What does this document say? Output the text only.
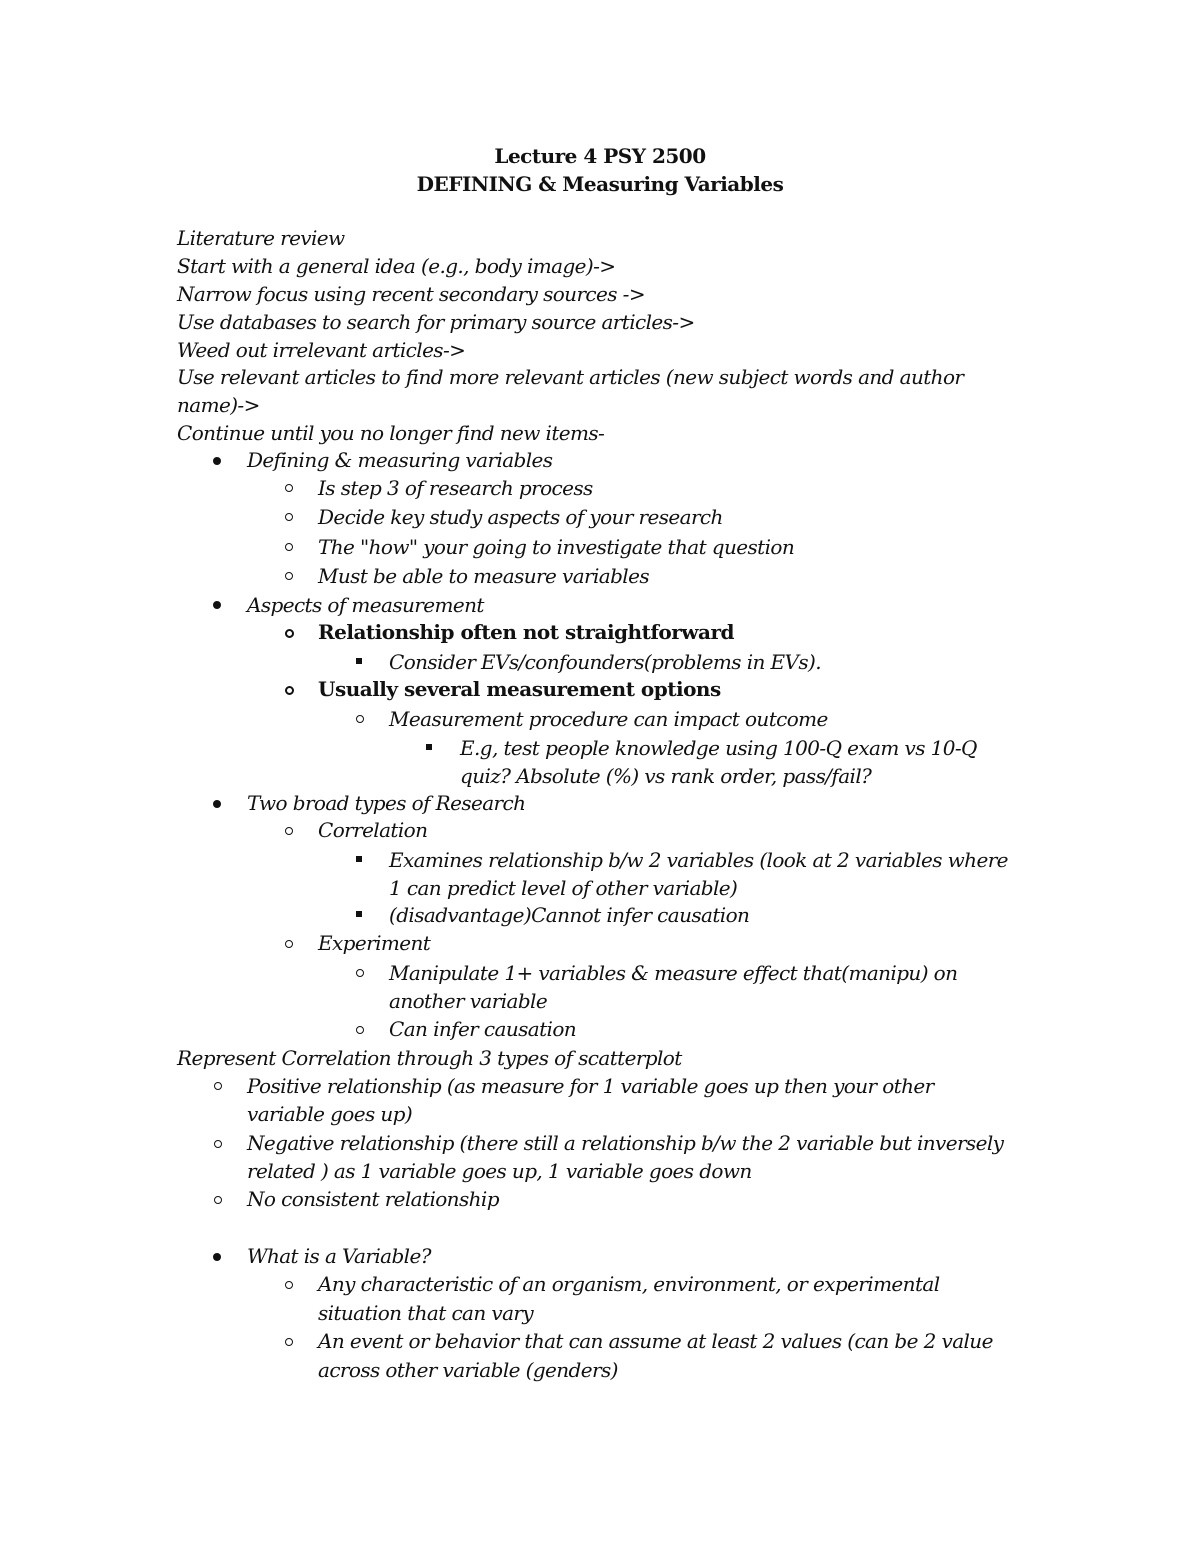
Lecture 4 PSY 2500
DEFINING & Measuring Variables

Literature review

Start with a general idea (e.g., body image)->

Narrow focus using recent secondary sources ->

Use databases to search for primary source articles->

Weed out irrelevant articles->

Use relevant articles to find more relevant articles (new subject words and author

name)->

Continue until you no longer find new items-

Defining & measuring variables

Is step 3 of research process

Decide key study aspects of your research

The "how" your going to investigate that question

Must be able to measure variables

Aspects of measurement

Relationship often not straightforward

Consider EVs/confounders(problems in EVs).

Usually several measurement options

Measurement procedure can impact outcome

E.g, test people knowledge using 100-Q exam vs 10-Q

quiz? Absolute (%) vs rank order, pass/fail?

Two broad types of Research

Correlation

Examines relationship b/w 2 variables (look at 2 variables where

1 can predict level of other variable)

(disadvantage)Cannot infer causation

Experiment

Manipulate 1+ variables & measure effect that(manipu) on

another variable

Can infer causation

Represent Correlation through 3 types of scatterplot

Positive relationship (as measure for 1 variable goes up then your other

variable goes up)

Negative relationship (there still a relationship b/w the 2 variable but inversely

related ) as 1 variable goes up, 1 variable goes down

No consistent relationship

What is a Variable?

Any characteristic of an organism, environment, or experimental

situation that can vary

An event or behavior that can assume at least 2 values (can be 2 value

across other variable (genders)
